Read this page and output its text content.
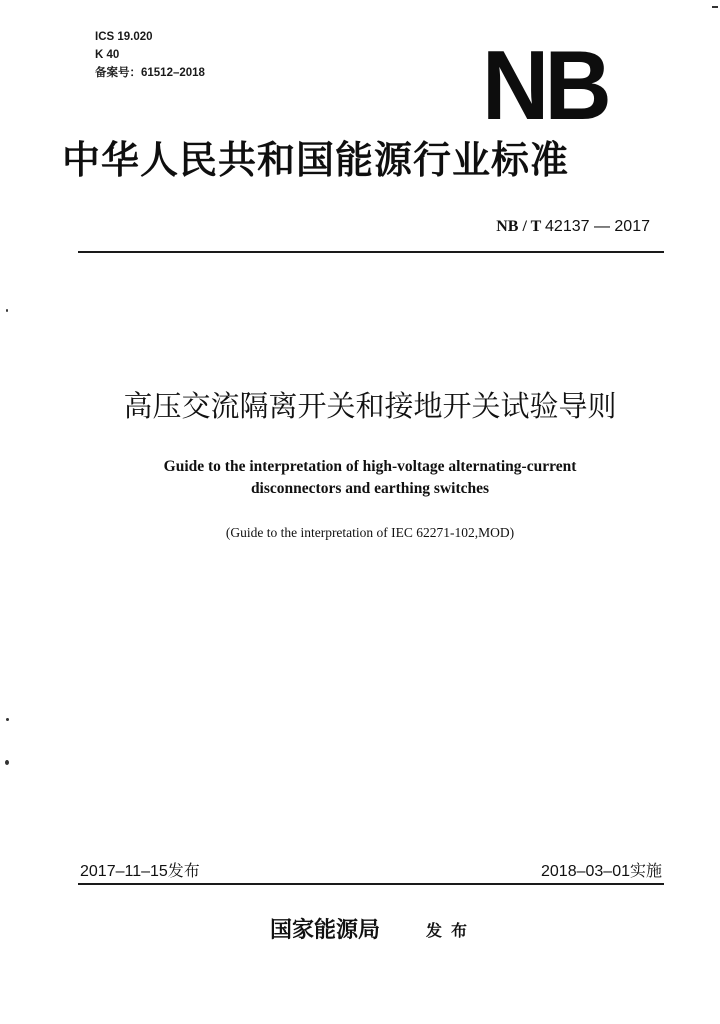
ICS 19.020
K 40
备案号：61512–2018	NB
中华人民共和国能源行业标准
NB / T 42137 — 2017
高压交流隔离开关和接地开关试验导则
Guide to the interpretation of high-voltage alternating-current
disconnectors and earthing switches
(Guide to the interpretation of IEC 62271-102,MOD)
2017–11–15发布	2018–03–01实施
国家能源局	发布
